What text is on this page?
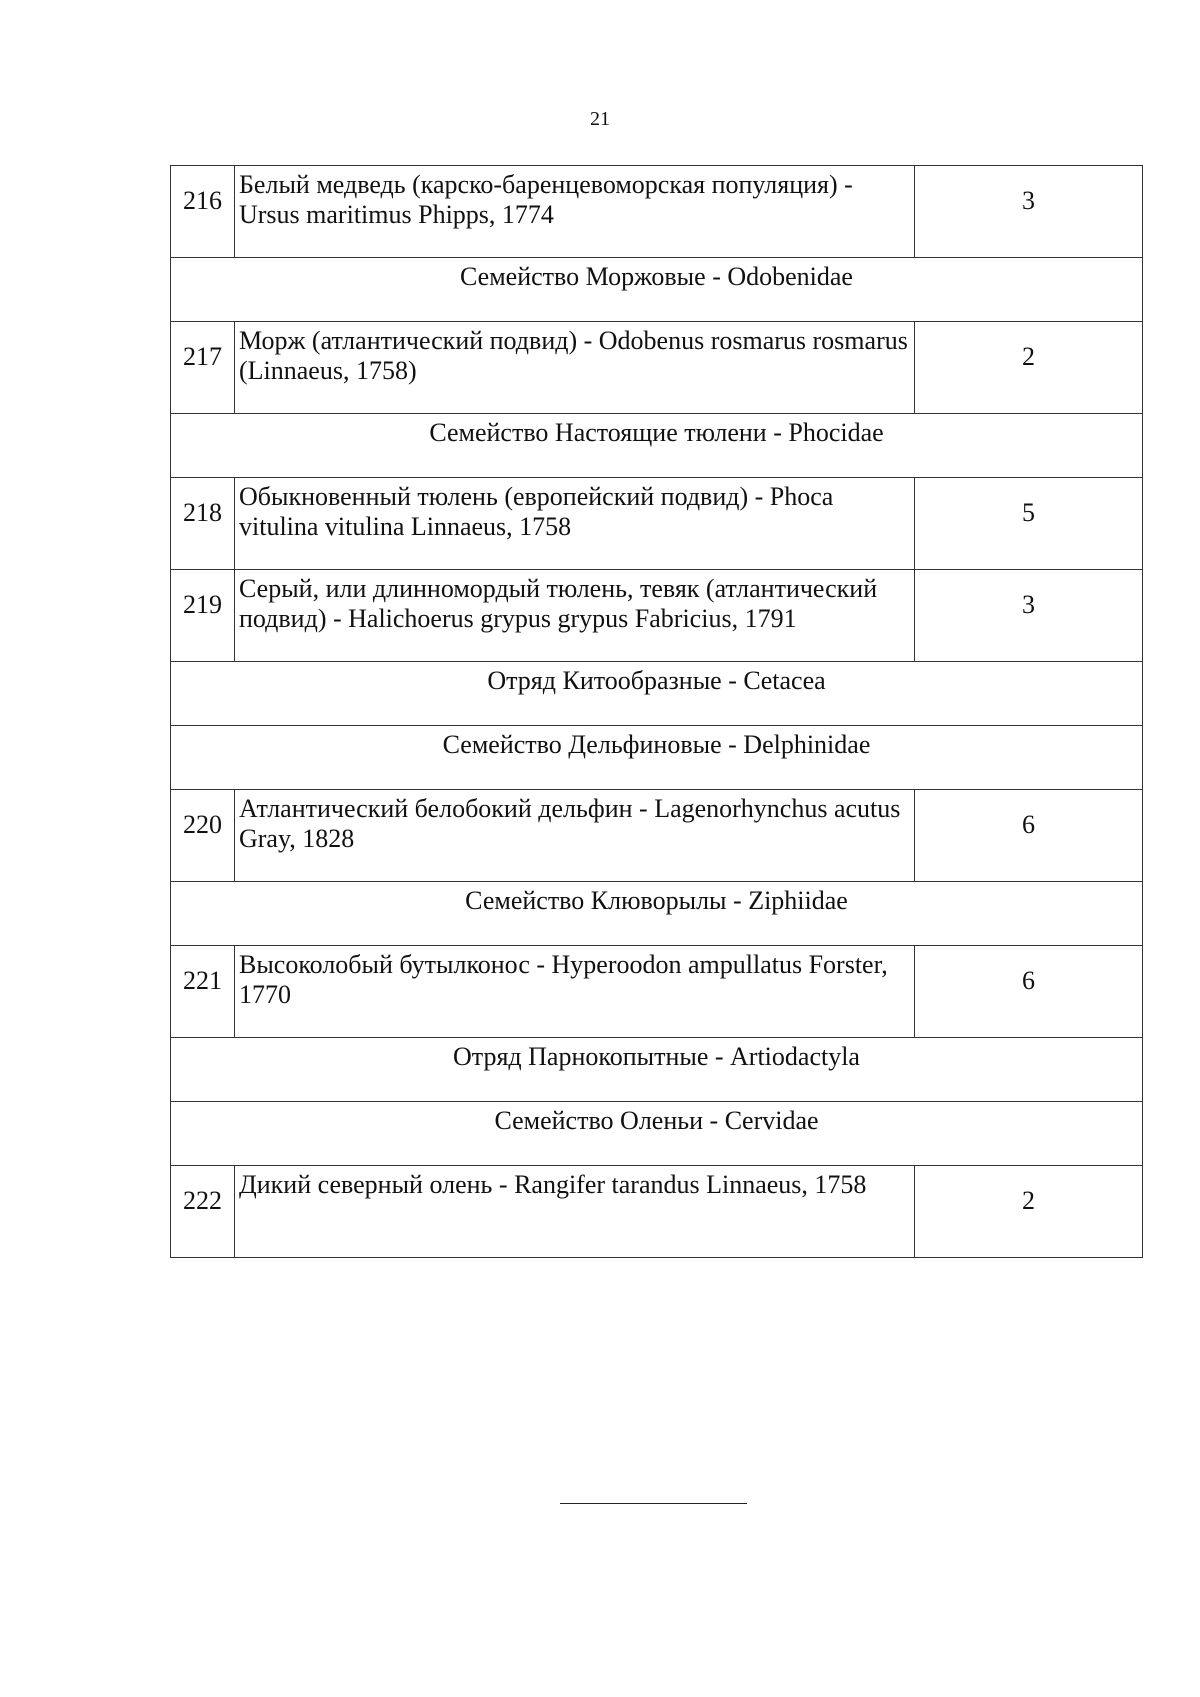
21
216	Белый медведь (карско-баренцевоморская популяция) - Ursus maritimus Phipps, 1774	3
Семейство Моржовые - Odobenidae		
217	Морж (атлантический подвид) - Odobenus rosmarus rosmarus (Linnaeus, 1758)	2
Семейство Настоящие тюлени - Phocidae		
218	Обыкновенный тюлень (европейский подвид) - Phoca vitulina vitulina Linnaeus, 1758	5
219	Серый, или длинномордый тюлень, тевяк (атлантический подвид) - Halichoerus grypus grypus Fabricius, 1791	3
Отряд Китообразные - Cetacea		
Семейство Дельфиновые - Delphinidae		
220	Атлантический белобокий дельфин - Lagenorhynchus acutus Gray, 1828	6
Семейство Клюворылы - Ziphiidae		
221	Высоколобый бутылконос - Hyperoodon ampullatus Forster, 1770	6
Отряд Парнокопытные - Artiodactyla		
Семейство Оленьи - Cervidae		
222	Дикий северный олень - Rangifer tarandus Linnaeus, 1758	2
